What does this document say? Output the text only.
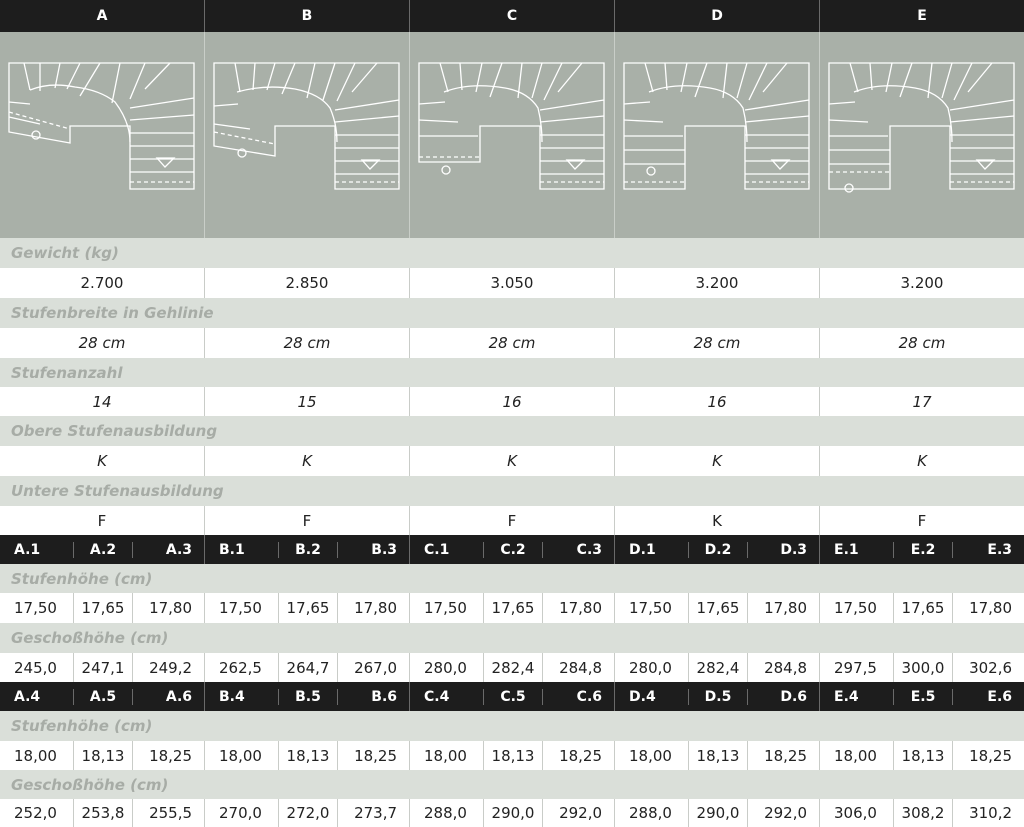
A	B	C	D	E
Gewicht (kg)
2.700	2.850	3.050	3.200	3.200
Stufenbreite in Gehlinie
28 cm	28 cm	28 cm	28 cm	28 cm
Stufenanzahl
14	15	16	16	17
Obere Stufenausbildung
K	K	K	K	K
Untere Stufenausbildung
F	F	F	K	F
A.1	A.2	A.3	B.1	B.2	B.3	C.1	C.2	C.3	D.1	D.2	D.3	E.1	E.2	E.3
Stufenhöhe (cm)
17,50	17,65	17,80	17,50	17,65	17,80	17,50	17,65	17,80	17,50	17,65	17,80	17,50	17,65	17,80
Geschoßhöhe (cm)
245,0	247,1	249,2	262,5	264,7	267,0	280,0	282,4	284,8	280,0	282,4	284,8	297,5	300,0	302,6
A.4	A.5	A.6	B.4	B.5	B.6	C.4	C.5	C.6	D.4	D.5	D.6	E.4	E.5	E.6
Stufenhöhe (cm)
18,00	18,13	18,25	18,00	18,13	18,25	18,00	18,13	18,25	18,00	18,13	18,25	18,00	18,13	18,25
Geschoßhöhe (cm)
252,0	253,8	255,5	270,0	272,0	273,7	288,0	290,0	292,0	288,0	290,0	292,0	306,0	308,2	310,2
